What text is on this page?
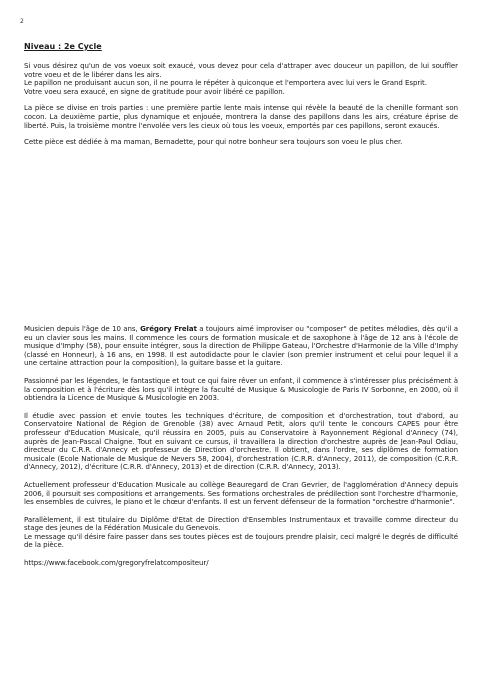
2
Niveau : 2e Cycle

Si vous désirez qu'un de vos voeux soit exaucé, vous devez pour cela d'attraper avec douceur un papillon, de lui souffler votre voeu et de le libérer dans les airs.

Le papillon ne produisant aucun son, il ne pourra le répéter à quiconque et l'emportera avec lui vers le Grand Esprit.

Votre voeu sera exaucé, en signe de gratitude pour avoir libéré ce papillon.

La pièce se divise en trois parties : une première partie lente mais intense qui révèle la beauté de la chenille formant son cocon. La deuxième partie, plus dynamique et enjouée, montrera la danse des papillons dans les airs, créature éprise de liberté. Puis, la troisième montre l'envolée vers les cieux où tous les voeux, emportés par ces papillons, seront exaucés.

Cette pièce est dédiée à ma maman, Bernadette, pour qui notre bonheur sera toujours son voeu le plus cher.

Musicien depuis l'âge de 10 ans, Grégory Frelat a toujours aimé improviser ou "composer" de petites mélodies, dès qu'il a eu un clavier sous les mains. Il commence les cours de formation musicale et de saxophone à l'âge de 12 ans à l'école de musique d'Imphy (58), pour ensuite intégrer, sous la direction de Philippe Gateau, l'Orchestre d'Harmonie de la Ville d'Imphy (classé en Honneur), à 16 ans, en 1998. Il est autodidacte pour le clavier (son premier instrument et celui pour lequel il a une certaine attraction pour la composition), la guitare basse et la guitare.

Passionné par les légendes, le fantastique et tout ce qui faire rêver un enfant, il commence à s'intéresser plus précisément à la composition et à l'écriture dès lors qu'il intègre la faculté de Musique & Musicologie de Paris IV Sorbonne, en 2000, où il obtiendra la Licence de Musique & Musicologie en 2003.

Il étudie avec passion et envie toutes les techniques d'écriture, de composition et d'orchestration, tout d'abord, au Conservatoire National de Région de Grenoble (38) avec Arnaud Petit, alors qu'il tente le concours CAPES pour être professeur d'Education Musicale, qu'il réussira en 2005, puis au Conservatoire à Rayonnement Régional d'Annecy (74), auprès de Jean-Pascal Chaigne. Tout en suivant ce cursus, il travaillera la direction d'orchestre auprès de Jean-Paul Odiau, directeur du C.R.R. d'Annecy et professeur de Direction d'orchestre. Il obtient, dans l'ordre, ses diplômes de formation musicale (Ecole Nationale de Musique de Nevers 58, 2004), d'orchestration (C.R.R. d'Annecy, 2011), de composition (C.R.R. d'Annecy, 2012), d'écriture (C.R.R. d'Annecy, 2013) et de direction (C.R.R. d'Annecy, 2013).

Actuellement professeur d'Education Musicale au collège Beauregard de Cran Gevrier, de l'agglomération d'Annecy depuis 2006, il poursuit ses compositions et arrangements. Ses formations orchestrales de prédilection sont l'orchestre d'harmonie, les ensembles de cuivres, le piano et le chœur d'enfants. Il est un fervent défenseur de la formation "orchestre d'harmonie".

Parallèlement, il est titulaire du Diplôme d'Etat de Direction d'Ensembles Instrumentaux et travaille comme directeur du stage des jeunes de la Fédération Musicale du Genevois.

Le message qu'il désire faire passer dans ses toutes pièces est de toujours prendre plaisir, ceci malgré le degrés de difficulté de la pièce.

https://www.facebook.com/gregoryfrelatcompositeur/
